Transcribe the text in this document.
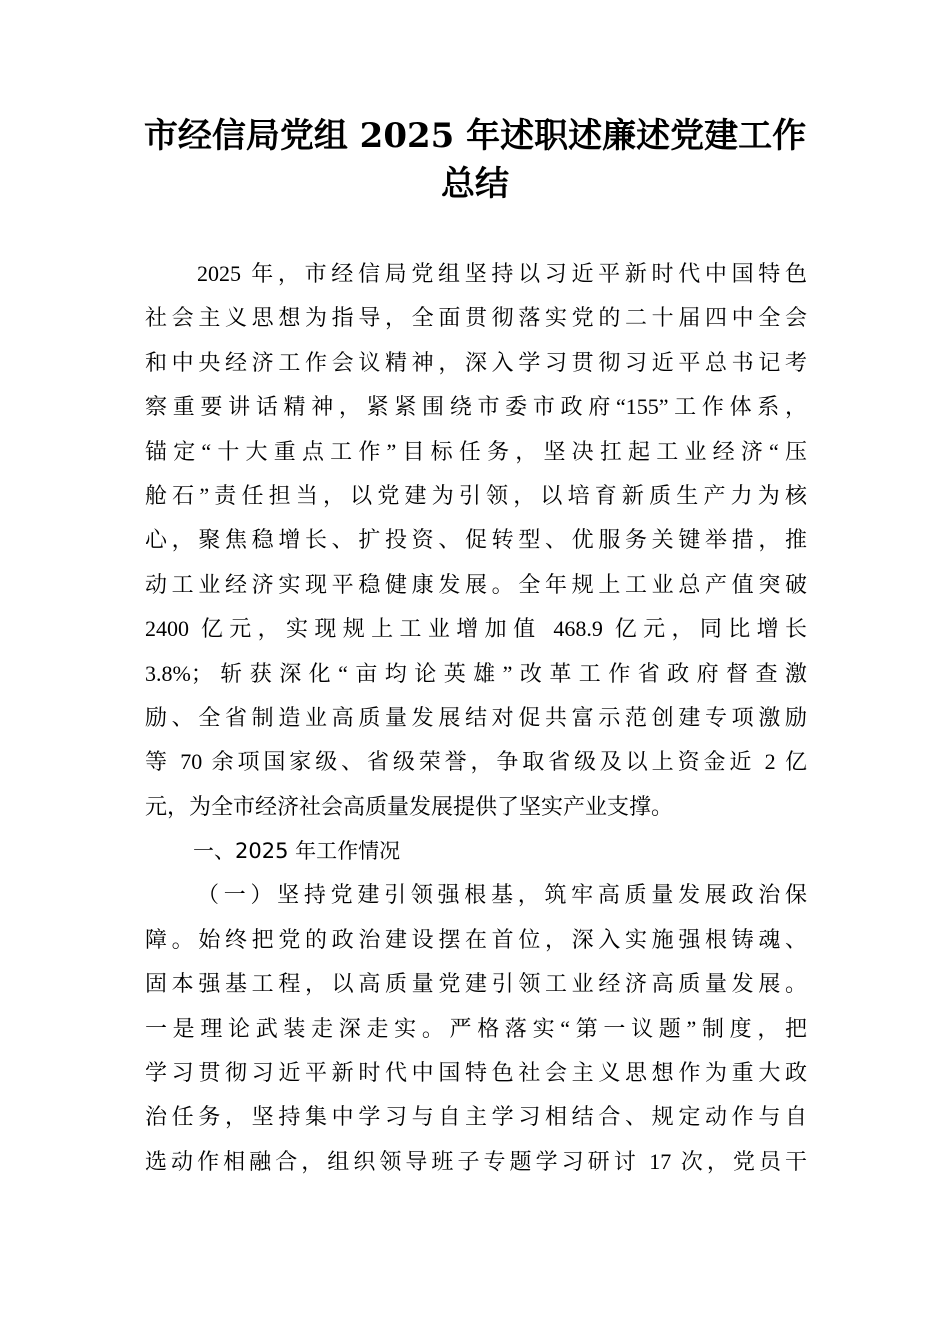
市经信局党组 2025 年述职述廉述党建工作
总结
2025 年，市经信局党组坚持以习近平新时代中国特色
社会主义思想为指导，全面贯彻落实党的二十届四中全会
和中央经济工作会议精神，深入学习贯彻习近平总书记考
察重要讲话精神，紧紧围绕市委市政府“155”工作体系，
锚定“十大重点工作”目标任务，坚决扛起工业经济“压
舱石”责任担当，以党建为引领，以培育新质生产力为核
心，聚焦稳增长、扩投资、促转型、优服务关键举措，推
动工业经济实现平稳健康发展。全年规上工业总产值突破
2400 亿元，实现规上工业增加值 468.9 亿元，同比增长
3.8%；斩获深化“亩均论英雄”改革工作省政府督查激
励、全省制造业高质量发展结对促共富示范创建专项激励
等 70 余项国家级、省级荣誉，争取省级及以上资金近 2 亿
元，为全市经济社会高质量发展提供了坚实产业支撑。
一、2025 年工作情况
（一）坚持党建引领强根基，筑牢高质量发展政治保
障。始终把党的政治建设摆在首位，深入实施强根铸魂、
固本强基工程，以高质量党建引领工业经济高质量发展。
一是理论武装走深走实。严格落实“第一议题”制度，把
学习贯彻习近平新时代中国特色社会主义思想作为重大政
治任务，坚持集中学习与自主学习相结合、规定动作与自
选动作相融合，组织领导班子专题学习研讨 17 次，党员干
